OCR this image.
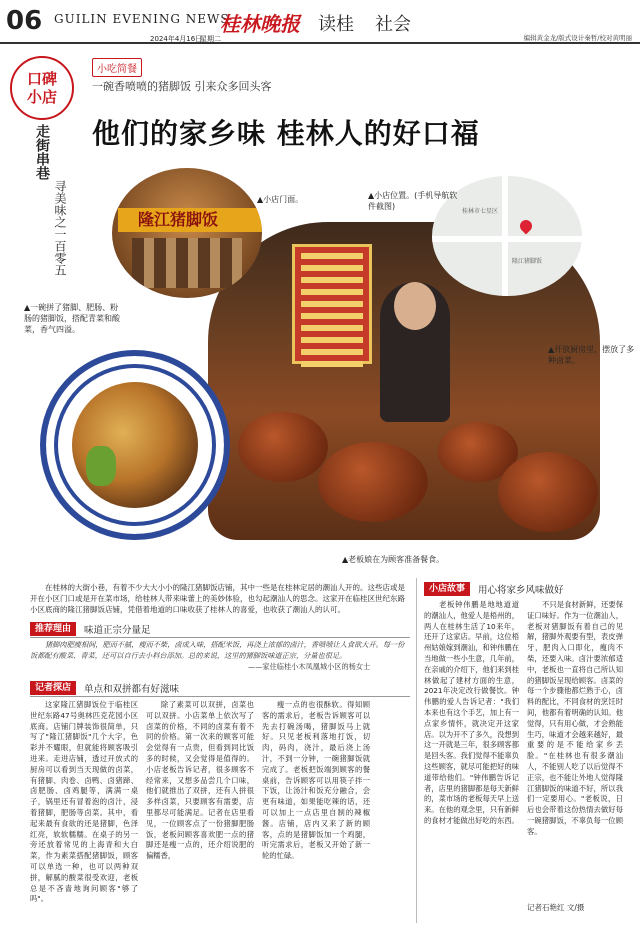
06 GUILIN EVENING NEWS
2024年4月16日
星期二
桂林晚报 读桂 社会
编辑黄金龙/版式设计秦哲/校对黄明丽
口碑
小店
走街串巷
寻美味之一百零五
小吃简餐
一碗香喷喷的猪脚饭 引来众多回头客
他们的家乡味 桂林人的好口福
隆江猪脚饭	桂林市七星区
隆江猪脚饭
▲小店门面。	▲小店位置。(手机导航软件截图)
▲一碗拼了猪脚、肥肠、粉肠的猪脚饭，搭配青菜和酸菜，香气四溢。
▲开放厨房里，摆放了多种卤菜。
▲老板娘在为顾客准备餐食。
在桂林的大街小巷，有着不少大大小小的隆江猪脚饭店铺，其中一些是在桂林定居的潮汕人开的。这些店或是开在小区门口或是开在菜市场，给桂林人带来味蕾上的美妙体验，也勾起潮汕人的思念。这家开在临桂区世纪东路小区底商的隆江猪脚饭店铺，凭借着地道的口味收获了桂林人的喜爱，也收获了潮汕人的认可。
推荐理由	味道正宗分量足
猪脚肉肥瘦相间，肥而不腻，瘦而不柴，卤成入味，搭配米饭，再浇上浓郁的卤汁，香喷喷让人食欲大开。每一份饭都配有酸菜、青菜，还可以自行去小料台添加。总的来说，这里的猪脚饭味道正宗，分量也很足。
——家住临桂小木凤凰城小区的杨女士
记者探店	单点和双拼都有好滋味

这家隆江猪脚饭位于临桂区世纪东路47号奥林匹克花园小区底商。店铺门牌装饰很简单，只写了"隆江猪脚饭"几个大字，色彩并不耀眼，但就能将顾客吸引进来。走进店铺，透过开放式的厨房可以看到当天现做的卤菜，有猪脚、肉卷、卤鸭、卤猪蹄、卤肥肠、卤鸡腿等，满满一桌子，锅里还有冒着泡的卤汁，浸着猪脚，肥肠等卤菜。其中，看起来最有食欲的还是猪脚，色泽红亮，软软糯糯。在桌子的另一旁还放着常见的上海青和大白菜，作为素菜搭配猪脚饭，顾客可以单选一种，也可以两种双拼，解腻的酸菜很受欢迎，老板总是不吝啬地询问顾客"够了吗"。

除了素菜可以双拼，卤菜也可以双拼。小店菜单上依次写了卤菜的价格，不同的卤菜有着不同的价格。第一次来的顾客可能会觉得有一点贵，但看到同比饭多的时候，又会觉得是值得的。小店老板告诉记者，很多顾客不经常来，又想多品尝几个口味，他们就推出了双拼，还有人拼很多样卤菜，只要顾客有需要，店里都尽可能满足。记者在店里看见，一位顾客点了一份猪脚肥肠饭，老板问顾客喜欢肥一点的猪脚还是瘦一点的，还介绍说肥的偏糯香，

瘦一点的也很酥软。得知顾客的需求后，老板告诉顾客可以先去打碗汤喝，猪脚饭马上就好。只见老板利落地打饭，切肉，码肉，浇汁，最后浇上汤汁，不到一分钟，一碗猪脚饭就完成了。老板把饭端到顾客的餐桌前，告诉顾客可以用筷子拌一下饭，让汤汁和饭充分融合，会更有味道，如果能吃辣的话，还可以加上一点店里自制的辣椒酱。店铺，店内又来了新的顾客，点的是猪脚饭加一个鸡腿，听完需求后，老板又开始了新一轮的忙碌。

小店故事	用心将家乡风味做好

老板钟伟鹏是地地道道的潮汕人，他爱人是梧州的，两人在桂林生活了10来年，还开了这家店。早前，这位梧州姑娘嫁到潮汕，和钟伟鹏在当地做一些小生意，几年前，在亲戚的介绍下，他们来到桂林做起了建材方面的生意，2021年决定改行做餐饮。钟伟鹏的爱人告诉记者："我们本来也有这个手艺，加上有一点家乡情怀，就决定开这家店。以为开不了多久，没想到这一开就是三年，很多顾客都是回头客。我们觉得不能辜负这些顾客，就尽可能把好的味道带给他们。"钟伟鹏告诉记者，店里的猪脚都是每天新鲜的，菜市场的老板每天早上送来。在他的观念里，只有新鲜的食材才能做出好吃的东西。

不只是食材新鲜，还要保证口味好。作为一位潮汕人，老板对猪脚饭有着自己的见解，猪脚外观要有型，表皮弹牙，肥肉入口即化，瘦肉不柴，还要入味。卤汁要浓郁适中，老板也一直将自己所认知的猪脚饭呈现给顾客。卤菜的每一个步骤他都烂熟于心，卤料的配比，不同食材的烹饪时间，他都有着明确的认知。他觉得，只有用心做，才会熟能生巧，味道才会越来越好，最重要的是不能给家乡丢脸。"在桂林也有很多潮汕人，不能别人吃了以后觉得不正宗，也不能让外地人觉得隆江猪脚饭的味道不好，所以我们一定要用心。"老板说，日后也会带着这份热情去做好每一碗猪脚饭，不辜负每一位顾客。

记者石艳红 文/摄
